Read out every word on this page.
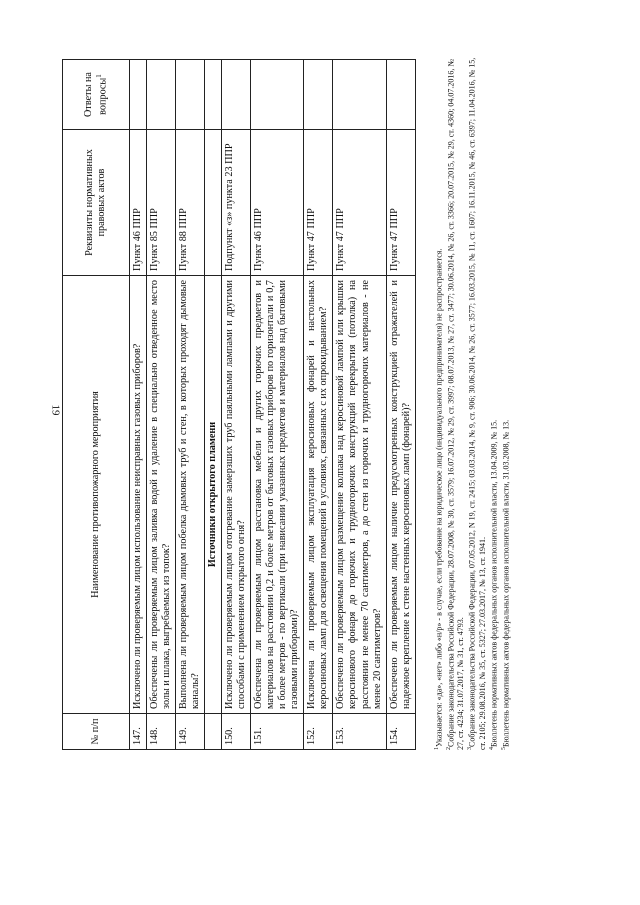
19
№ п/п	Наименование противопожарного мероприятия	Реквизиты нормативных правовых актов	Ответы на вопросы$^1$
147.	Исключено ли проверяемым лицом использование неисправных газовых приборов?	Пункт 46 ППР	
148.	Обеспечены ли проверяемым лицом заливка водой и удаление в специально отведенное место золы и шлака, выгребаемых из топок?	Пункт 85 ППР	
149.	Выполнена ли проверяемым лицом побелка дымовых труб и стен, в которых проходят дымовые каналы?	Пункт 88 ППР	
	Источники открытого пламени		
150.	Исключено ли проверяемым лицом отогревание замерзших труб паяльными лампами и другими способами с применением открытого огня?	Подпункт «з» пункта 23 ППР	
151.	Обеспечена ли проверяемым лицом расстановка мебели и других горючих предметов и материалов на расстоянии 0,2 и более метров от бытовых газовых приборов по горизонтали и 0,7 и более метров - по вертикали (при нависании указанных предметов и материалов над бытовыми газовыми приборами)?	Пункт 46 ППР	
152.	Исключена ли проверяемым лицом эксплуатация керосиновых фонарей и настольных керосиновых ламп для освещения помещений в условиях, связанных с их опрокидыванием?	Пункт 47 ППР	
153.	Обеспечено ли проверяемым лицом размещение колпака над керосиновой лампой или крышки керосинового фонаря до горючих и трудногорючих конструкций перекрытия (потолка) на расстоянии не менее 70 сантиметров, а до стен из горючих и трудногорючих материалов - не менее 20 сантиметров?	Пункт 47 ППР	
154.	Обеспечено ли проверяемым лицом наличие предусмотренных конструкцией отражателей и надежное крепление к стене настенных керосиновых ламп (фонарей)?	Пункт 47 ППР	

$^1$Указывается: «да», «нет» либо «н/р» - в случае, если требование на юридическое лицо (индивидуального предпринимателя) не распространяется.

$^2$Собрание законодательства Российской Федерации, 28.07.2008, № 30, ст. 3579; 16.07.2012, № 29, ст. 3997; 08.07.2013, № 27, ст. 3477; 30.06.2014, № 26, ст. 3366; 20.07.2015, № 29, ст. 4360; 04.07.2016, № 27, ст. 4234; 31.07.2017, № 31, ст. 4793. $^3$Собрание законодательства Российской Федерации, 07.05.2012, N 19, ст. 2415; 03.03.2014, № 9, ст. 906; 30.06.2014, № 26, ст. 3577; 16.03.2015, № 11, ст. 1607; 16.11.2015, № 46, ст. 6397; 11.04.2016, № 15, ст. 2105; 29.08.2016, № 35, ст. 5327; 27.03.2017, № 13, ст. 1941. $^4$Бюллетень нормативных актов федеральных органов исполнительной власти, 13.04.2009, № 15.

$^5$Бюллетень нормативных актов федеральных органов исполнительной власти, 31.03.2008, № 13.
